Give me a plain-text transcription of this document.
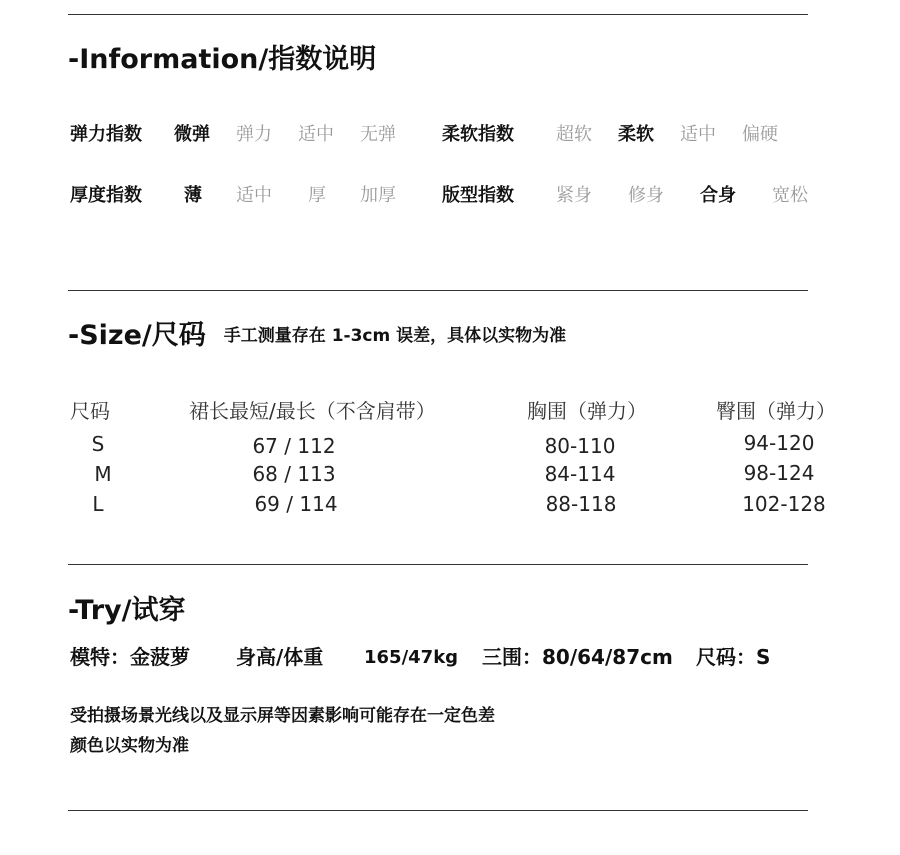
-Information/指数说明
弹力指数 微弹 弹力 适中 无弹	柔软指数 超软 柔软 适中 偏硬
厚度指数 薄 适中 厚 加厚	版型指数 紧身 修身 合身 宽松
-Size/尺码 手工测量存在 1-3cm 误差，具体以实物为准
尺码	裙长最短/最长（不含肩带）	胸围（弹力）	臀围（弹力）
S	67 / 112	80-110	94-120
M	68 / 113	84-114	98-124
L	69 / 114	88-118	102-128
-Try/试穿
模特：金菠萝 身高/体重 165/47kg 三围：80/64/87cm 尺码：S
受拍摄场景光线以及显示屏等因素影响可能存在一定色差
颜色以实物为准
